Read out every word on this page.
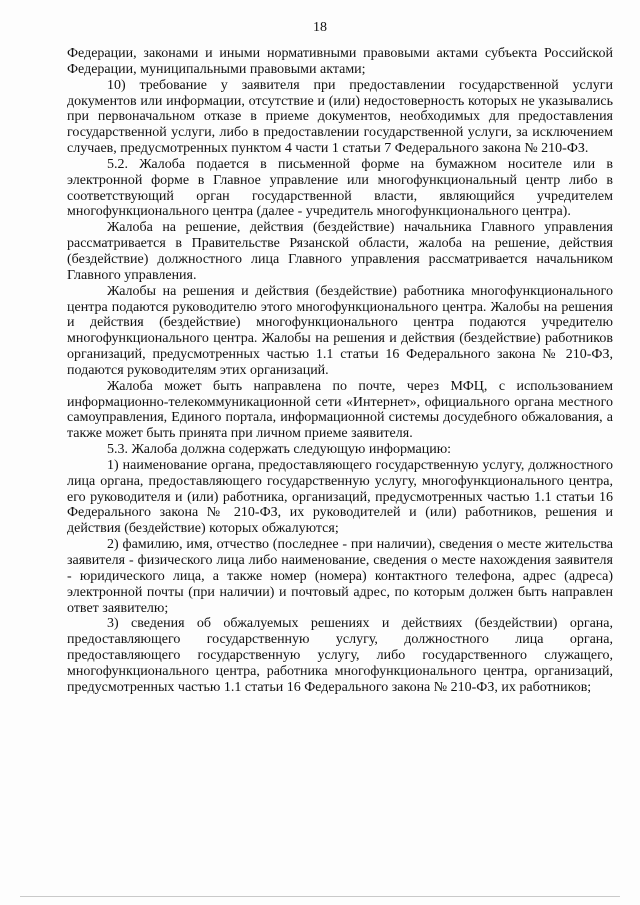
18

Федерации, законами и иными нормативными правовыми актами субъекта Российской Федерации, муниципальными правовыми актами;

10) требование у заявителя при предоставлении государственной услуги документов или информации, отсутствие и (или) недостоверность которых не указывались при первоначальном отказе в приеме документов, необходимых для предоставления государственной услуги, либо в предоставлении государственной услуги, за исключением случаев, предусмотренных пунктом 4 части 1 статьи 7 Федерального закона № 210-ФЗ.

5.2. Жалоба подается в письменной форме на бумажном носителе или в электронной форме в Главное управление или многофункциональный центр либо в соответствующий орган государственной власти, являющийся учредителем многофункционального центра (далее - учредитель многофункционального центра).

Жалоба на решение, действия (бездействие) начальника Главного управления рассматривается в Правительстве Рязанской области, жалоба на решение, действия (бездействие) должностного лица Главного управления рассматривается начальником Главного управления.

Жалобы на решения и действия (бездействие) работника многофункционального центра подаются руководителю этого многофункционального центра. Жалобы на решения и действия (бездействие) многофункционального центра подаются учредителю многофункционального центра. Жалобы на решения и действия (бездействие) работников организаций, предусмотренных частью 1.1 статьи 16 Федерального закона № 210-ФЗ, подаются руководителям этих организаций.

Жалоба может быть направлена по почте, через МФЦ, с использованием информационно-телекоммуникационной сети «Интернет», официального органа местного самоуправления, Единого портала, информационной системы досудебного обжалования, а также может быть принята при личном приеме заявителя.

5.3. Жалоба должна содержать следующую информацию:

1) наименование органа, предоставляющего государственную услугу, должностного лица органа, предоставляющего государственную услугу, многофункционального центра, его руководителя и (или) работника, организаций, предусмотренных частью 1.1 статьи 16 Федерального закона № 210-ФЗ, их руководителей и (или) работников, решения и действия (бездействие) которых обжалуются;

2) фамилию, имя, отчество (последнее - при наличии), сведения о месте жительства заявителя - физического лица либо наименование, сведения о месте нахождения заявителя - юридического лица, а также номер (номера) контактного телефона, адрес (адреса) электронной почты (при наличии) и почтовый адрес, по которым должен быть направлен ответ заявителю;

3) сведения об обжалуемых решениях и действиях (бездействии) органа, предоставляющего государственную услугу, должностного лица органа, предоставляющего государственную услугу, либо государственного служащего, многофункционального центра, работника многофункционального центра, организаций, предусмотренных частью 1.1 статьи 16 Федерального закона № 210-ФЗ, их работников;
